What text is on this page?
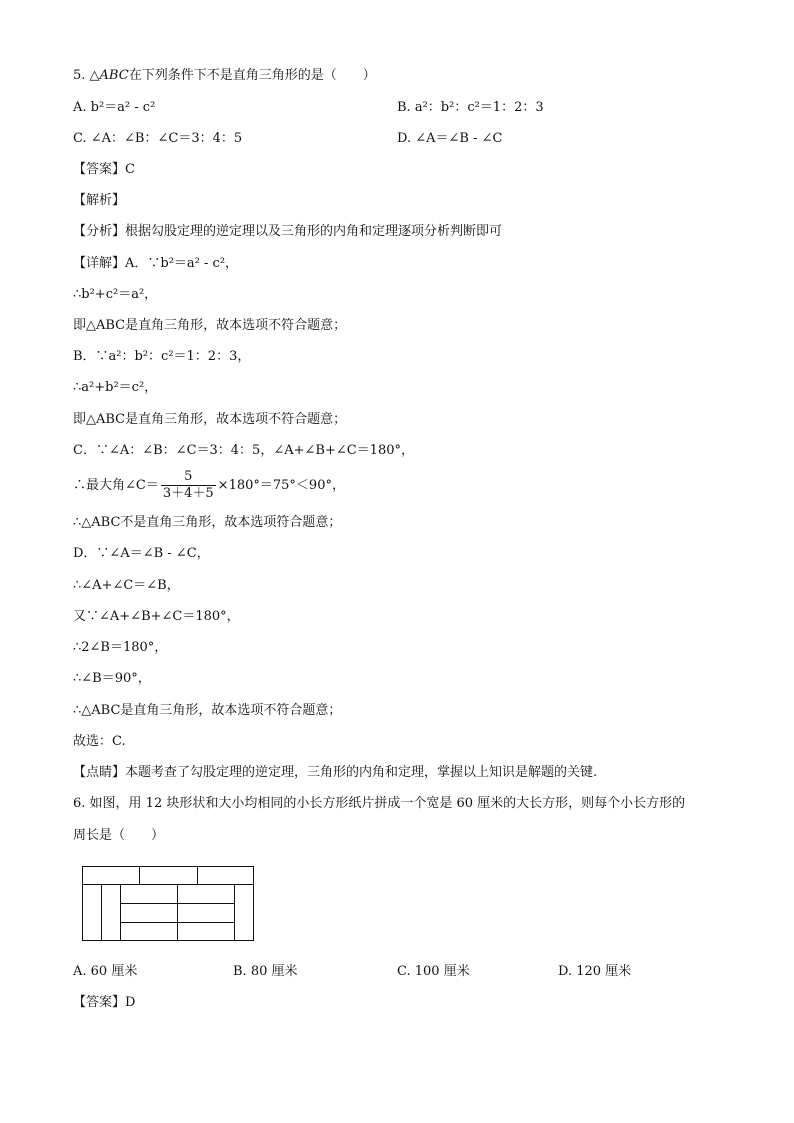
5. △ABC在下列条件下不是直角三角形的是（　　）
A. b²＝a² - c²	B. a²：b²：c²＝1：2：3
C. ∠A：∠B：∠C＝3：4：5	D. ∠A＝∠B - ∠C
【答案】C
【解析】
【分析】根据勾股定理的逆定理以及三角形的内角和定理逐项分析判断即可
【详解】A．∵b²＝a² - c²，
∴b²+c²＝a²，
即△ABC是直角三角形，故本选项不符合题意；
B．∵a²：b²：c²＝1：2：3，
∴a²+b²＝c²，
即△ABC是直角三角形，故本选项不符合题意；
C．∵∠A：∠B：∠C＝3：4：5，∠A+∠B+∠C＝180°，
∴最大角∠C＝ $\frac{5}{3+4+5} \times 180^\circ=75^\circ<90^\circ$，
∴△ABC不是直角三角形，故本选项符合题意；
D．∵∠A＝∠B - ∠C，
∴∠A+∠C＝∠B，
又∵∠A+∠B+∠C＝180°，
∴2∠B＝180°，
∴∠B＝90°，
∴△ABC是直角三角形，故本选项不符合题意；
故选：C.
【点睛】本题考查了勾股定理的逆定理，三角形的内角和定理，掌握以上知识是解题的关键.
6. 如图，用 12 块形状和大小均相同的小长方形纸片拼成一个宽是 60 厘米的大长方形，则每个小长方形的
周长是（　　）
A. 60 厘米	B. 80 厘米	C. 100 厘米	D. 120 厘米
【答案】D
